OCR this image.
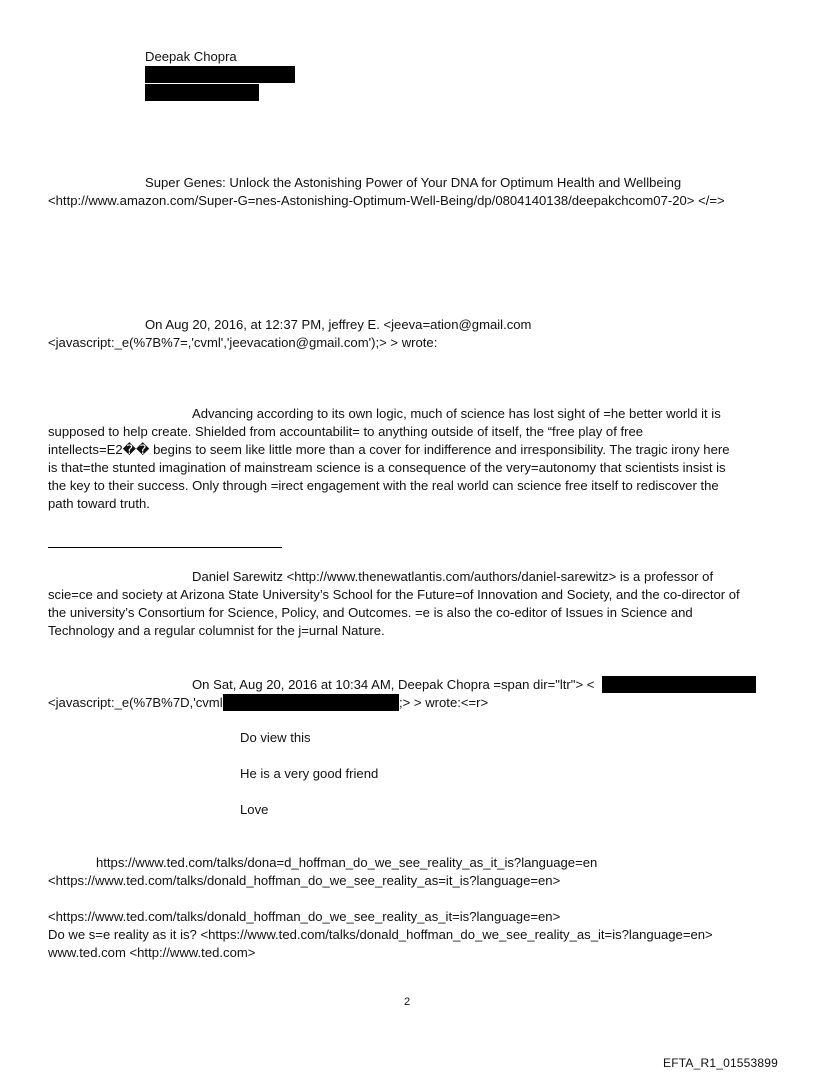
Deepak Chopra
Super Genes: Unlock the Astonishing Power of Your DNA for Optimum Health and Wellbeing
<http://www.amazon.com/Super-G=nes-Astonishing-Optimum-Well-Being/dp/0804140138/deepakchcom07-20> </=>
On Aug 20, 2016, at 12:37 PM, jeffrey E. <jeeva=ation@gmail.com
<javascript:_e(%7B%7=,'cvml','jeevacation@gmail.com');> > wrote:
Advancing according to its own logic, much of science has lost sight of =he better world it is
supposed to help create. Shielded from accountabilit= to anything outside of itself, the “free play of free
intellects=E2�� begins to seem like little more than a cover for indifference and irresponsibility. The tragic irony here
is that=the stunted imagination of mainstream science is a consequence of the very=autonomy that scientists insist is
the key to their success. Only through =irect engagement with the real world can science free itself to rediscover the
path toward truth.
Daniel Sarewitz <http://www.thenewatlantis.com/authors/daniel-sarewitz> is a professor of
scie=ce and society at Arizona State University’s School for the Future=of Innovation and Society, and the co-director of
the university’s Consortium for Science, Policy, and Outcomes. =e is also the co-editor of Issues in Science and
Technology and a regular columnist for the j=urnal Nature.
On Sat, Aug 20, 2016 at 10:34 AM, Deepak Chopra =span dir="ltr"> <
<javascript:_e(%7B%7D,'cvml	;> > wrote:<=r>
Do view this
He is a very good friend
Love
https://www.ted.com/talks/dona=d_hoffman_do_we_see_reality_as_it_is?language=en
<https://www.ted.com/talks/donald_hoffman_do_we_see_reality_as=it_is?language=en>
<https://www.ted.com/talks/donald_hoffman_do_we_see_reality_as_it=is?language=en>
Do we s=e reality as it is? <https://www.ted.com/talks/donald_hoffman_do_we_see_reality_as_it=is?language=en>
www.ted.com <http://www.ted.com>
2
EFTA_R1_01553899
